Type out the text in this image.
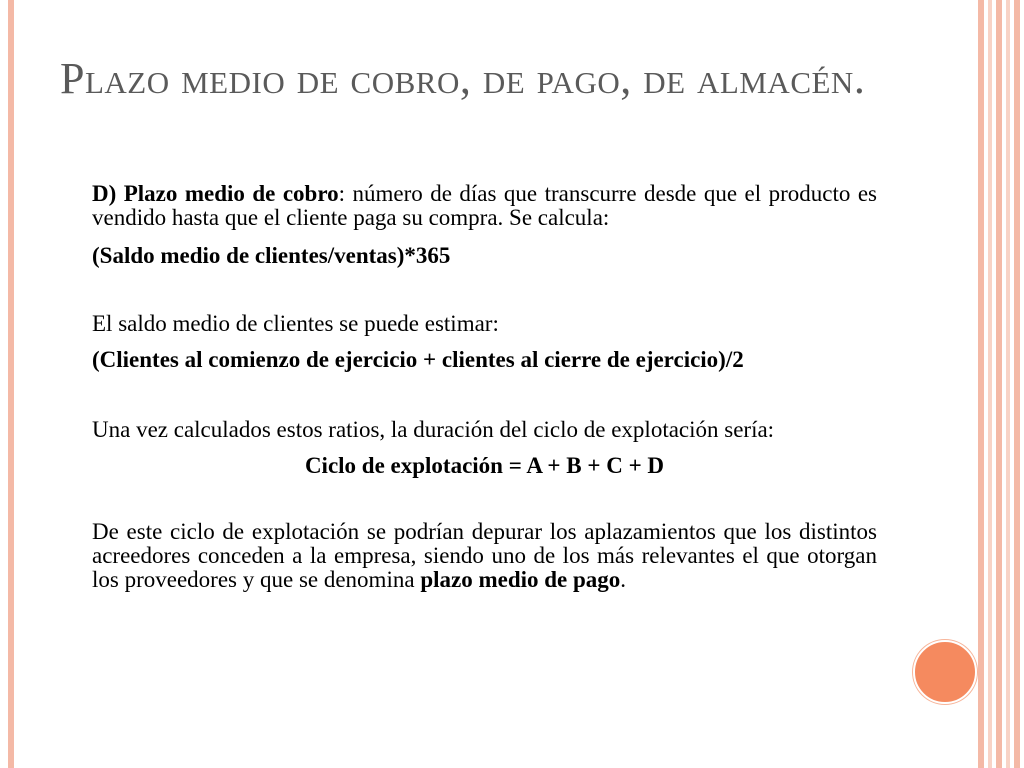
Plazo medio de cobro, de pago, de almacén.

D) Plazo medio de cobro: número de días que transcurre desde que el producto es vendido hasta que el cliente paga su compra. Se calcula:

(Saldo medio de clientes/ventas)*365

El saldo medio de clientes se puede estimar:

(Clientes al comienzo de ejercicio + clientes al cierre de ejercicio)/2

Una vez calculados estos ratios, la duración del ciclo de explotación sería:

Ciclo de explotación = A + B + C + D

De este ciclo de explotación se podrían depurar los aplazamientos que los distintos acreedores conceden a la empresa, siendo uno de los más relevantes el que otorgan los proveedores y que se denomina plazo medio de pago.
